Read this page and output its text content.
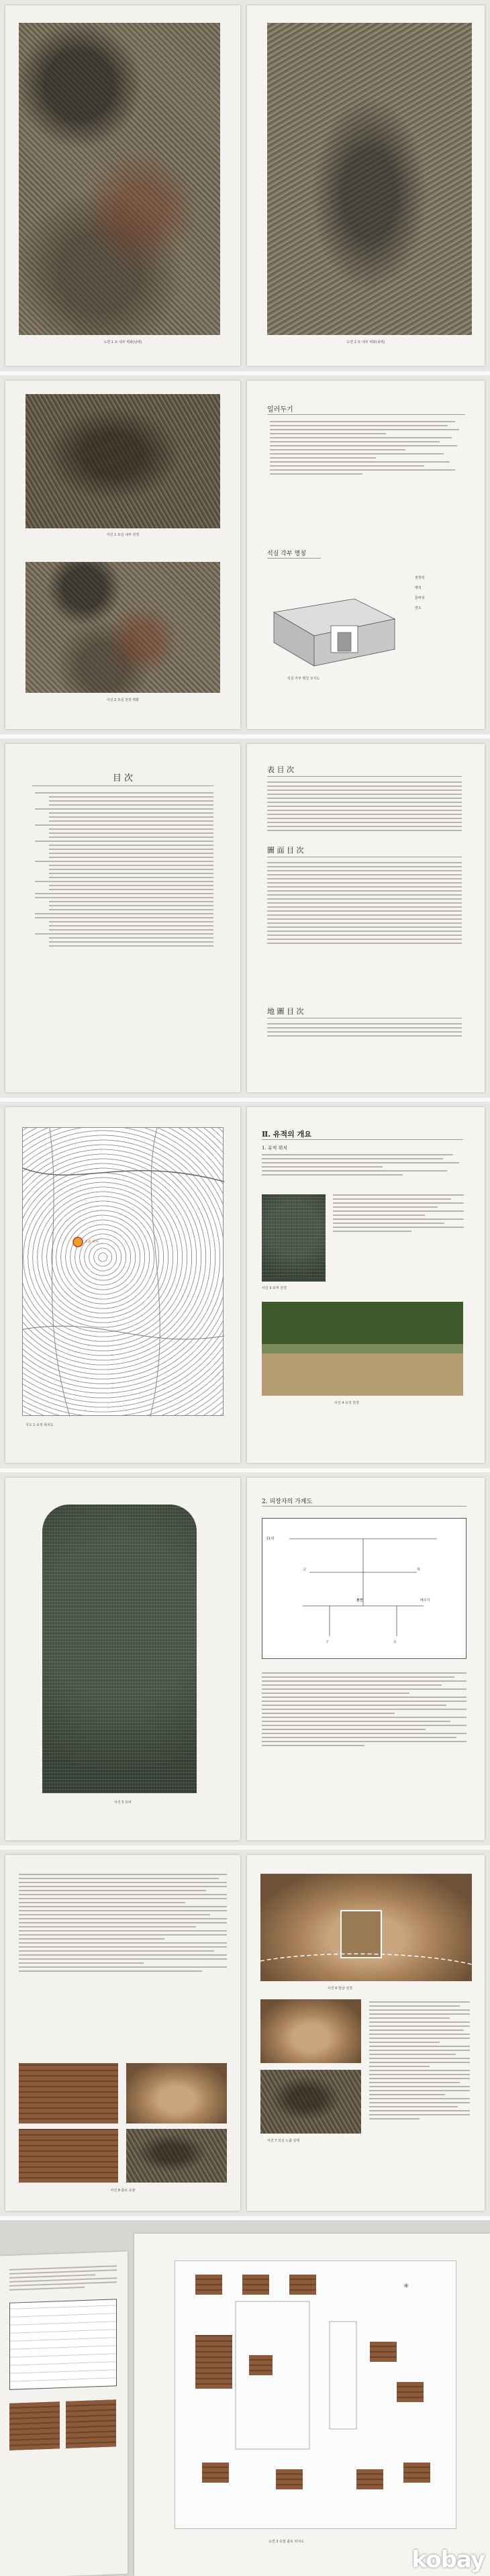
도면 1 묘 내부 벽화(남벽)	도면 2 묘 내부 벽화(북벽)
사진 1 묘실 내부 전경
사진 2 묘실 천장 벽화
일러두기
석실 각부 명칭
천장석
벽석
문비석
연도
석실 각부 명칭 모식도
目 次
表 目 次
圖 面 目 次
地 圖 目 次
고분 위치
지도 1 유적 위치도
Ⅱ. 유적의 개요
1. 유적 위치
사진 3 묘역 전경
사진 4 유적 원경
사진 5 묘비
2. 피장자의 가계도
11대
父	母
본인	배우자
子	女
사진 8 출토 유물
사진 6 발굴 전경
사진 7 석실 노출 상태
✳
도면 3 유물 출토 위치도
kobay
